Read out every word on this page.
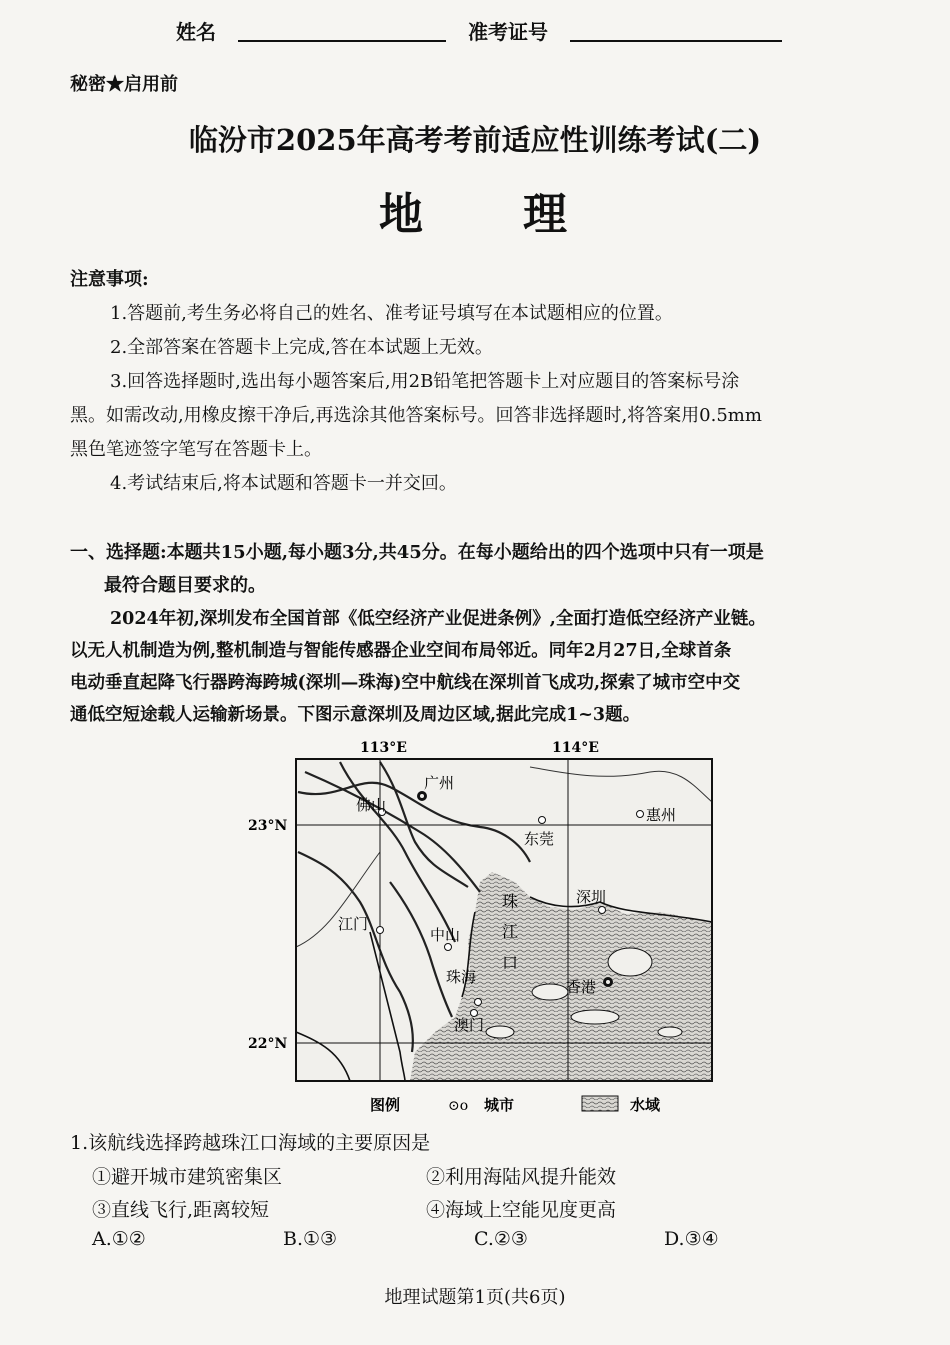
姓名	准考证号
秘密★启用前
临汾市2025年高考考前适应性训练考试(二)
地　　理

注意事项:

1.答题前,考生务必将自己的姓名、准考证号填写在本试题相应的位置。

2.全部答案在答题卡上完成,答在本试题上无效。

3.回答选择题时,选出每小题答案后,用2B铅笔把答题卡上对应题目的答案标号涂

黑。如需改动,用橡皮擦干净后,再选涂其他答案标号。回答非选择题时,将答案用0.5mm

黑色笔迹签字笔写在答题卡上。

4.考试结束后,将本试题和答题卡一并交回。

一、选择题:本题共15小题,每小题3分,共45分。在每小题给出的四个选项中只有一项是
最符合题目要求的。
2024年初,深圳发布全国首部《低空经济产业促进条例》,全面打造低空经济产业链。
以无人机制造为例,整机制造与智能传感器企业空间布局邻近。同年2月27日,全球首条
电动垂直起降飞行器跨海跨城(深圳—珠海)空中航线在深圳首飞成功,探索了城市空中交
通低空短途载人运输新场景。下图示意深圳及周边区域,据此完成1~3题。
113°E	114°E
23°N
22°N
广州
佛山
惠州
东莞
深圳
江门
中山
珠海
香港
澳门
珠
江
口
图例	⊙o 城市	水域

1.该航线选择跨越珠江口海域的主要原因是

①避开城市建筑密集区	②利用海陆风提升能效
③直线飞行,距离较短	④海域上空能见度更高
A.①②	B.①③	C.②③	D.③④
地理试题第1页(共6页)
